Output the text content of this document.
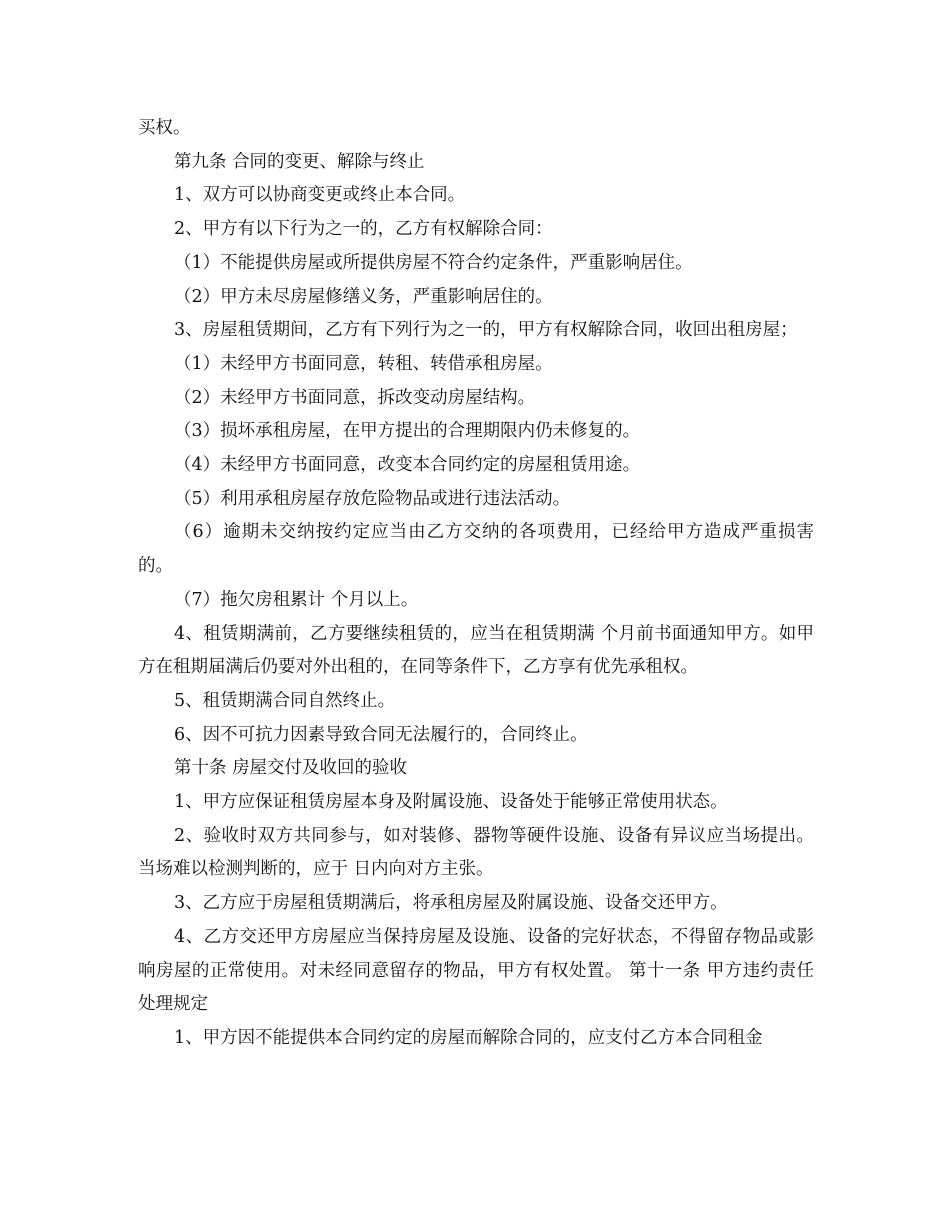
买权。

第九条 合同的变更、解除与终止

1、双方可以协商变更或终止本合同。

2、甲方有以下行为之一的，乙方有权解除合同：

（1）不能提供房屋或所提供房屋不符合约定条件，严重影响居住。

（2）甲方未尽房屋修缮义务，严重影响居住的。

3、房屋租赁期间，乙方有下列行为之一的，甲方有权解除合同，收回出租房屋；

（1）未经甲方书面同意，转租、转借承租房屋。

（2）未经甲方书面同意，拆改变动房屋结构。

（3）损坏承租房屋，在甲方提出的合理期限内仍未修复的。

（4）未经甲方书面同意，改变本合同约定的房屋租赁用途。

（5）利用承租房屋存放危险物品或进行违法活动。

（6）逾期未交纳按约定应当由乙方交纳的各项费用，已经给甲方造成严重损害的。

（7）拖欠房租累计 个月以上。

4、租赁期满前，乙方要继续租赁的，应当在租赁期满 个月前书面通知甲方。如甲方在租期届满后仍要对外出租的，在同等条件下，乙方享有优先承租权。

5、租赁期满合同自然终止。

6、因不可抗力因素导致合同无法履行的，合同终止。

第十条 房屋交付及收回的验收

1、甲方应保证租赁房屋本身及附属设施、设备处于能够正常使用状态。

2、验收时双方共同参与，如对装修、器物等硬件设施、设备有异议应当场提出。当场难以检测判断的，应于 日内向对方主张。

3、乙方应于房屋租赁期满后，将承租房屋及附属设施、设备交还甲方。

4、乙方交还甲方房屋应当保持房屋及设施、设备的完好状态，不得留存物品或影响房屋的正常使用。对未经同意留存的物品，甲方有权处置。 第十一条 甲方违约责任处理规定

1、甲方因不能提供本合同约定的房屋而解除合同的，应支付乙方本合同租金
